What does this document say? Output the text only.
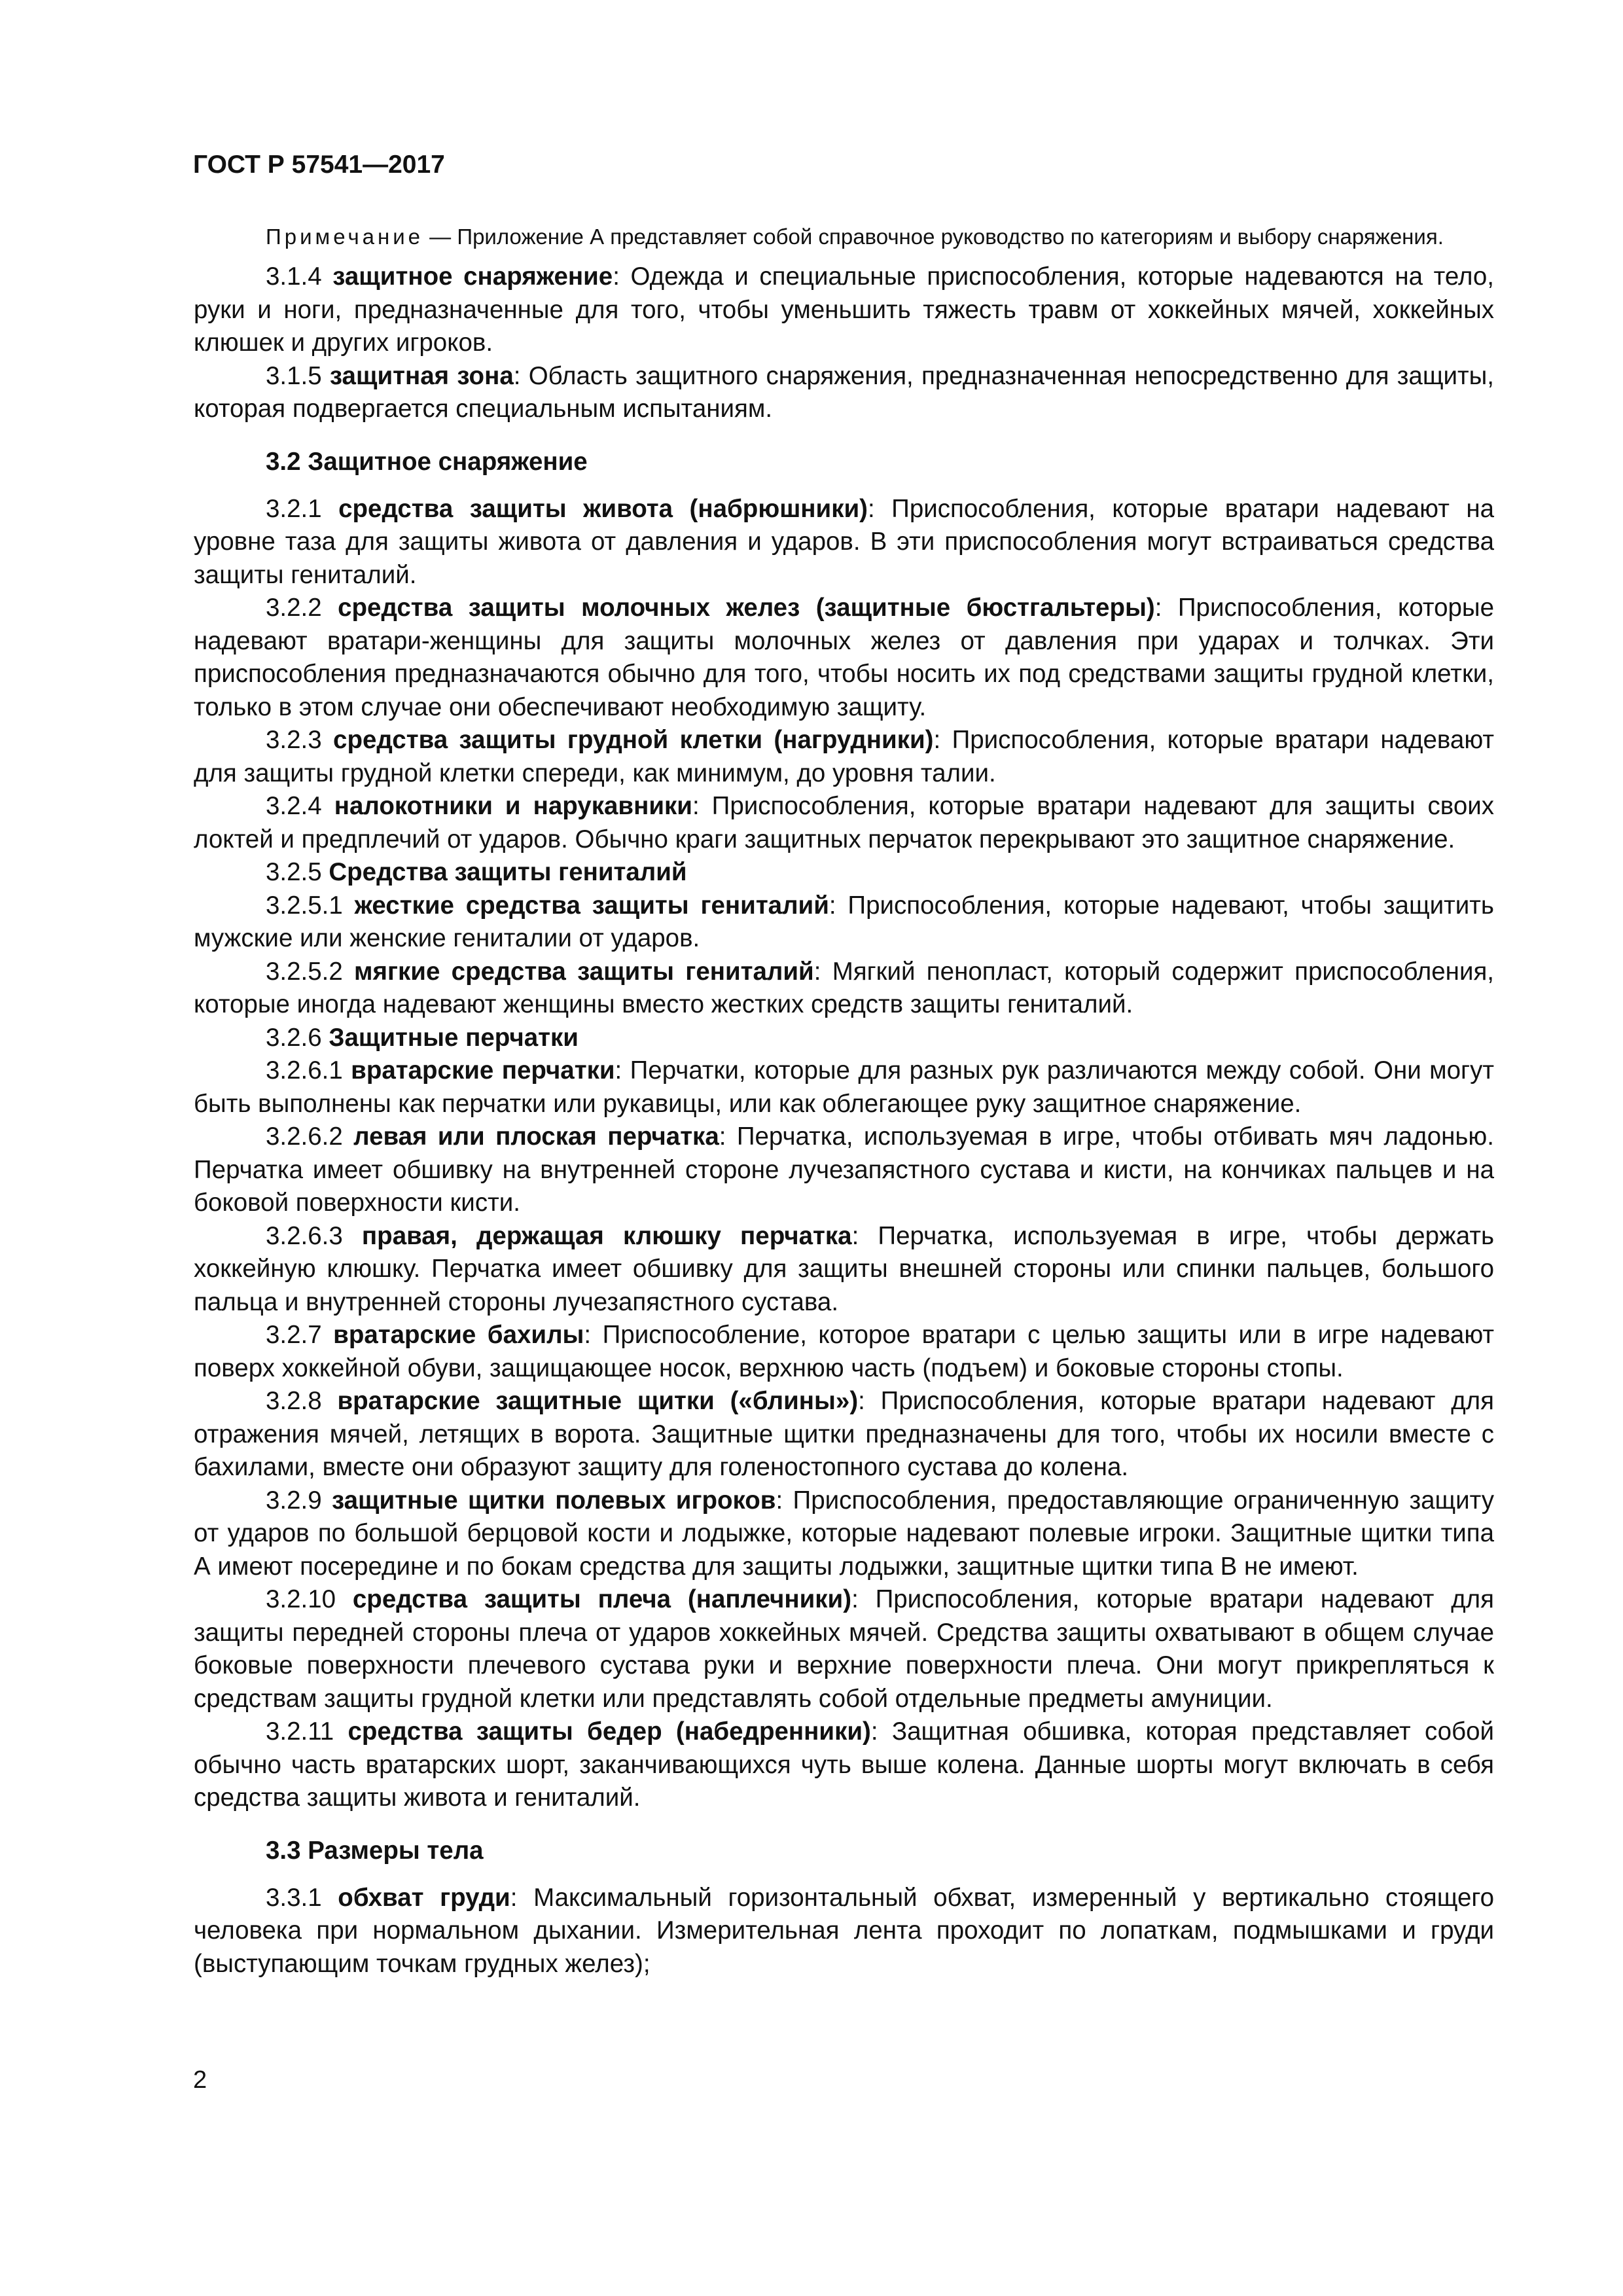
ГОСТ Р 57541—2017

Примечание — Приложение А представляет собой справочное руководство по категориям и выбору снаряжения.

3.1.4 защитное снаряжение: Одежда и специальные приспособления, которые надеваются на тело, руки и ноги, предназначенные для того, чтобы уменьшить тяжесть травм от хоккейных мячей, хоккейных клюшек и других игроков.

3.1.5 защитная зона: Область защитного снаряжения, предназначенная непосредственно для защиты, которая подвергается специальным испытаниям.

3.2 Защитное снаряжение

3.2.1 средства защиты живота (набрюшники): Приспособления, которые вратари надевают на уровне таза для защиты живота от давления и ударов. В эти приспособления могут встраиваться средства защиты гениталий.

3.2.2 средства защиты молочных желез (защитные бюстгальтеры): Приспособления, которые надевают вратари-женщины для защиты молочных желез от давления при ударах и толчках. Эти приспособления предназначаются обычно для того, чтобы носить их под средствами защиты грудной клетки, только в этом случае они обеспечивают необходимую защиту.

3.2.3 средства защиты грудной клетки (нагрудники): Приспособления, которые вратари надевают для защиты грудной клетки спереди, как минимум, до уровня талии.

3.2.4 налокотники и нарукавники: Приспособления, которые вратари надевают для защиты своих локтей и предплечий от ударов. Обычно краги защитных перчаток перекрывают это защитное снаряжение.

3.2.5 Средства защиты гениталий

3.2.5.1 жесткие средства защиты гениталий: Приспособления, которые надевают, чтобы защитить мужские или женские гениталии от ударов.

3.2.5.2 мягкие средства защиты гениталий: Мягкий пенопласт, который содержит приспособления, которые иногда надевают женщины вместо жестких средств защиты гениталий.

3.2.6 Защитные перчатки

3.2.6.1 вратарские перчатки: Перчатки, которые для разных рук различаются между собой. Они могут быть выполнены как перчатки или рукавицы, или как облегающее руку защитное снаряжение.

3.2.6.2 левая или плоская перчатка: Перчатка, используемая в игре, чтобы отбивать мяч ладонью. Перчатка имеет обшивку на внутренней стороне лучезапястного сустава и кисти, на кончиках пальцев и на боковой поверхности кисти.

3.2.6.3 правая, держащая клюшку перчатка: Перчатка, используемая в игре, чтобы держать хоккейную клюшку. Перчатка имеет обшивку для защиты внешней стороны или спинки пальцев, большого пальца и внутренней стороны лучезапястного сустава.

3.2.7 вратарские бахилы: Приспособление, которое вратари с целью защиты или в игре надевают поверх хоккейной обуви, защищающее носок, верхнюю часть (подъем) и боковые стороны стопы.

3.2.8 вратарские защитные щитки («блины»): Приспособления, которые вратари надевают для отражения мячей, летящих в ворота. Защитные щитки предназначены для того, чтобы их носили вместе с бахилами, вместе они образуют защиту для голеностопного сустава до колена.

3.2.9 защитные щитки полевых игроков: Приспособления, предоставляющие ограниченную защиту от ударов по большой берцовой кости и лодыжке, которые надевают полевые игроки. Защитные щитки типа А имеют посередине и по бокам средства для защиты лодыжки, защитные щитки типа В не имеют.

3.2.10 средства защиты плеча (наплечники): Приспособления, которые вратари надевают для защиты передней стороны плеча от ударов хоккейных мячей. Средства защиты охватывают в общем случае боковые поверхности плечевого сустава руки и верхние поверхности плеча. Они могут прикрепляться к средствам защиты грудной клетки или представлять собой отдельные предметы амуниции.

3.2.11 средства защиты бедер (набедренники): Защитная обшивка, которая представляет собой обычно часть вратарских шорт, заканчивающихся чуть выше колена. Данные шорты могут включать в себя средства защиты живота и гениталий.

3.3 Размеры тела

3.3.1 обхват груди: Максимальный горизонтальный обхват, измеренный у вертикально стоящего человека при нормальном дыхании. Измерительная лента проходит по лопаткам, подмышками и груди (выступающим точкам грудных желез);

2
